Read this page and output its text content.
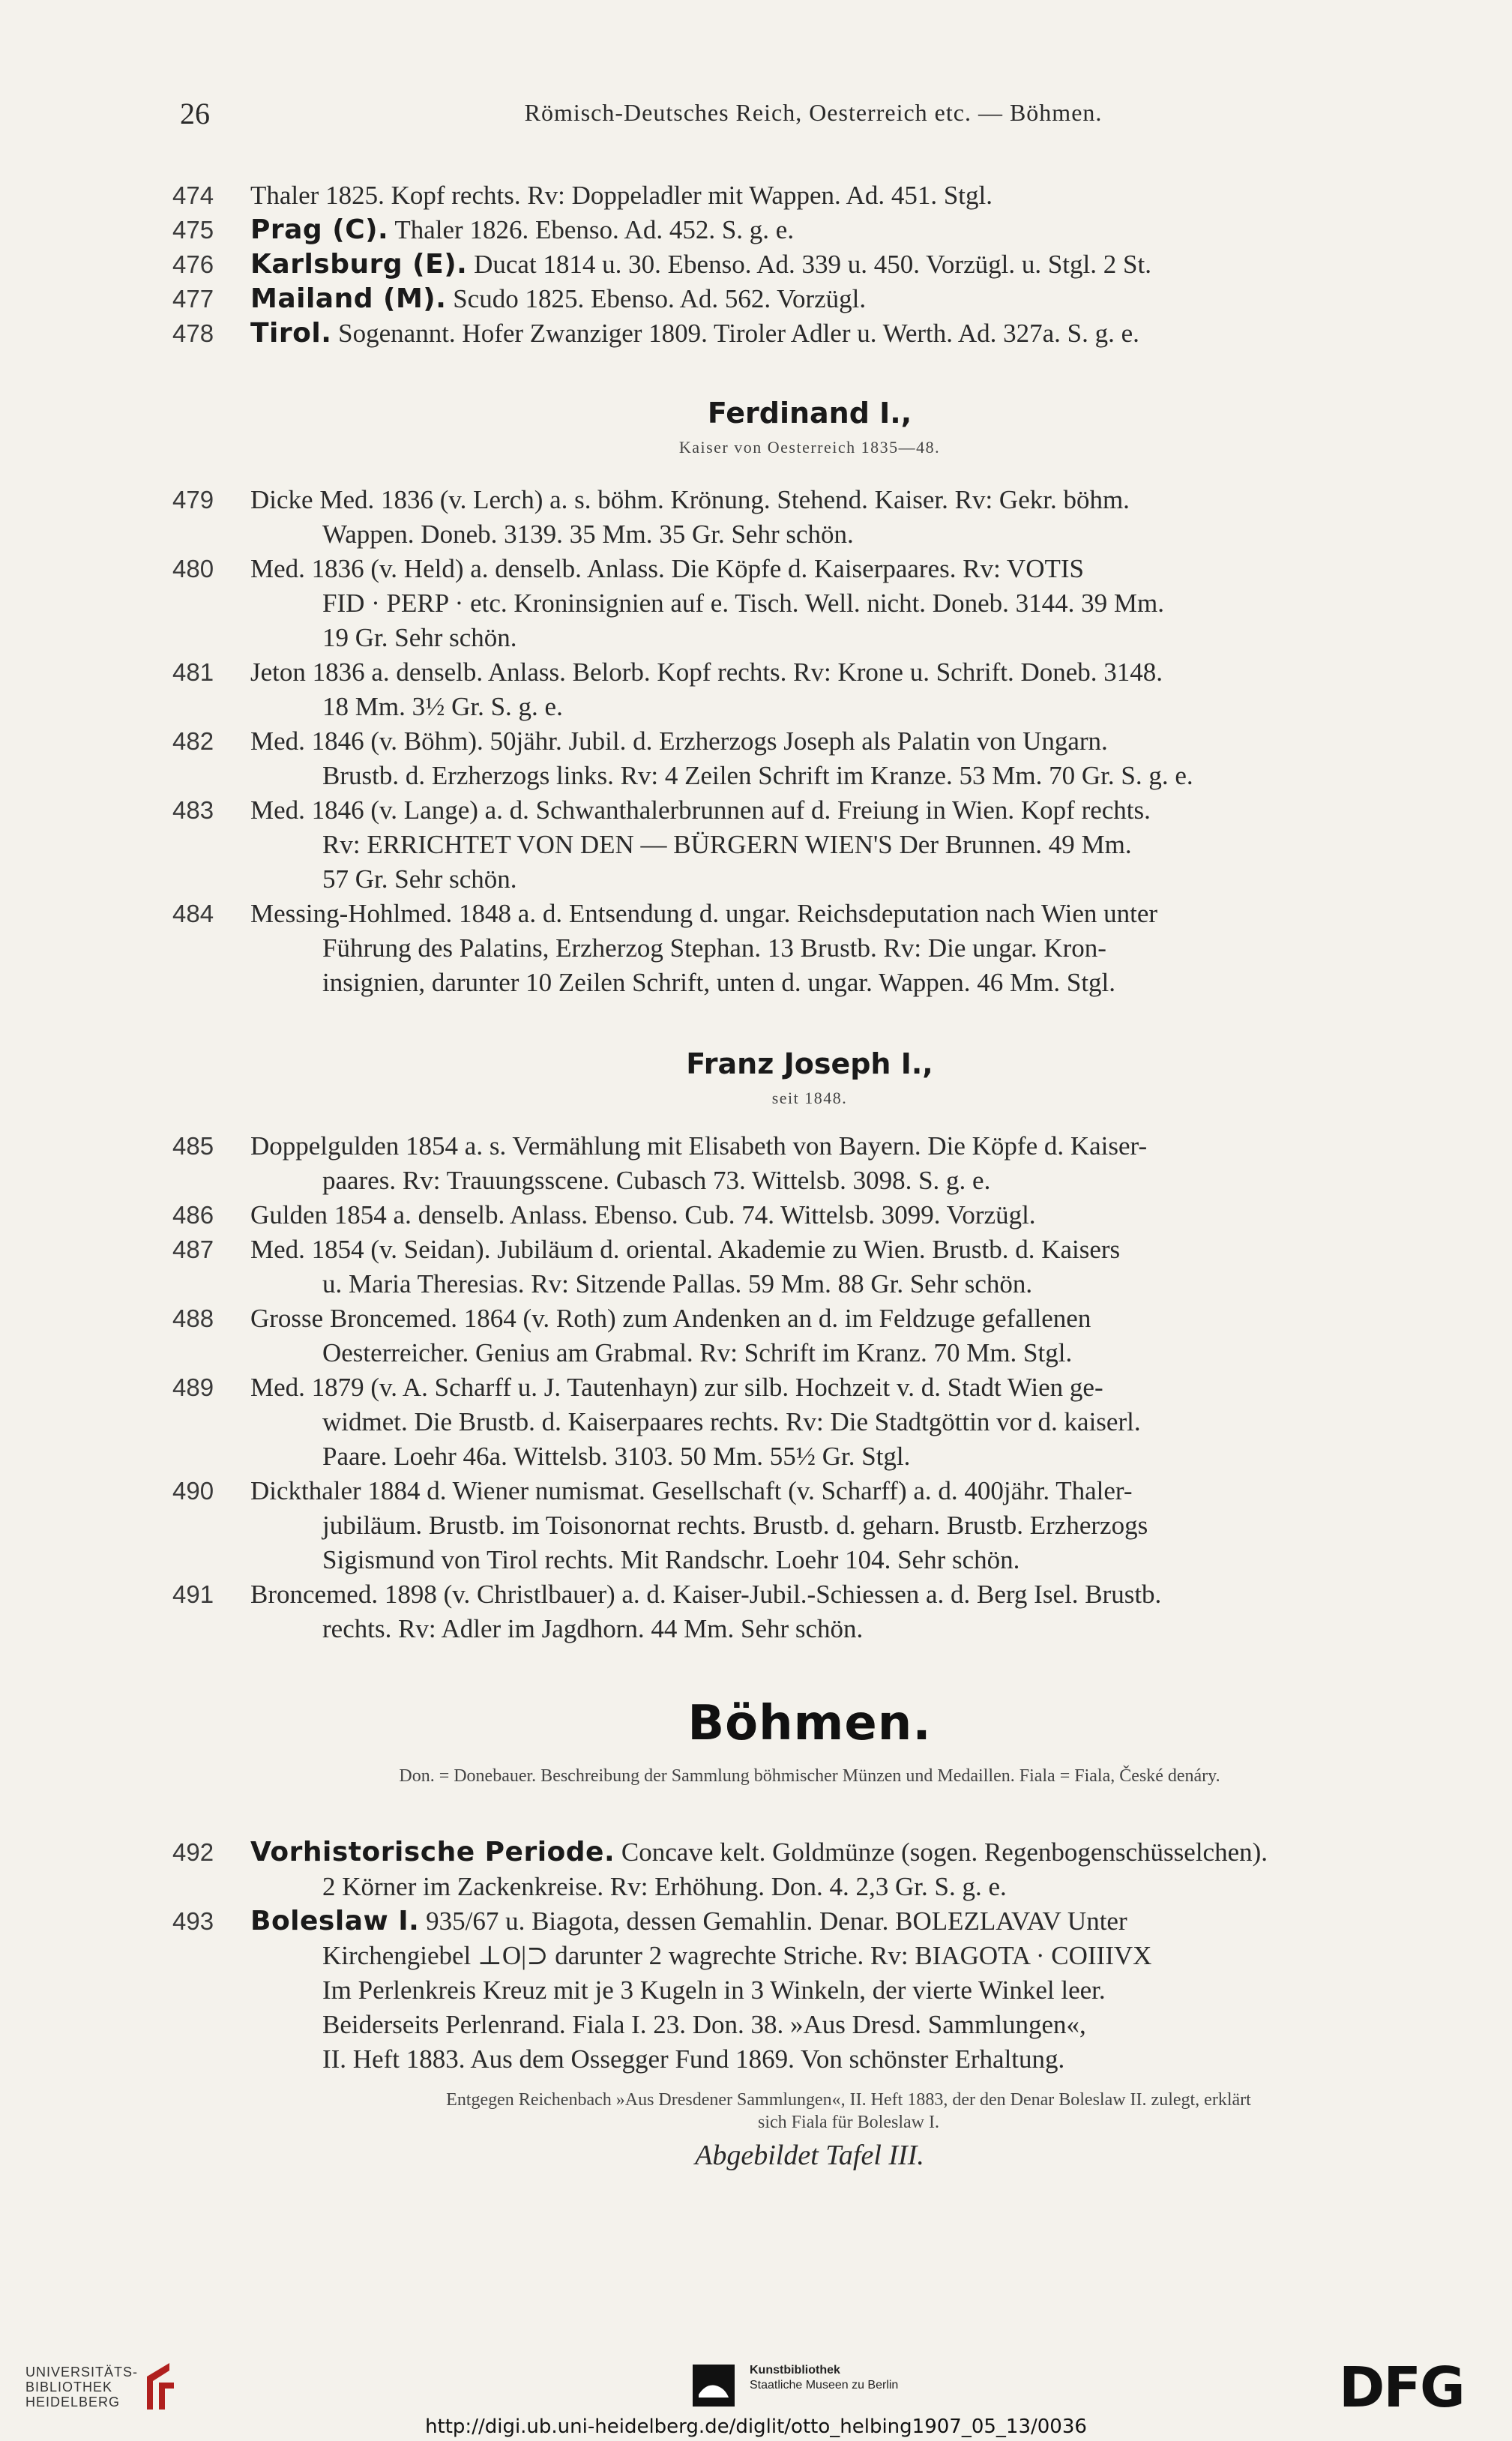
26	Römisch-Deutsches Reich, Oesterreich etc. — Böhmen.
474	Thaler 1825. Kopf rechts. Rv: Doppeladler mit Wappen. Ad. 451. Stgl.
475	Prag (C). Thaler 1826. Ebenso. Ad. 452. S. g. e.
476	Karlsburg (E). Ducat 1814 u. 30. Ebenso. Ad. 339 u. 450. Vorzügl. u. Stgl. 2 St.
477	Mailand (M). Scudo 1825. Ebenso. Ad. 562. Vorzügl.
478	Tirol. Sogenannt. Hofer Zwanziger 1809. Tiroler Adler u. Werth. Ad. 327a. S. g. e.

Ferdinand I.,

Kaiser von Oesterreich 1835—48.

479	Dicke Med. 1836 (v. Lerch) a. s. böhm. Krönung. Stehend. Kaiser. Rv: Gekr. böhm.
Wappen. Doneb. 3139. 35 Mm. 35 Gr. Sehr schön.
480	Med. 1836 (v. Held) a. denselb. Anlass. Die Köpfe d. Kaiserpaares. Rv: VOTIS
FID · PERP · etc. Kroninsignien auf e. Tisch. Well. nicht. Doneb. 3144. 39 Mm.
19 Gr. Sehr schön.
481	Jeton 1836 a. denselb. Anlass. Belorb. Kopf rechts. Rv: Krone u. Schrift. Doneb. 3148.
18 Mm. 3½ Gr. S. g. e.
482	Med. 1846 (v. Böhm). 50jähr. Jubil. d. Erzherzogs Joseph als Palatin von Ungarn.
Brustb. d. Erzherzogs links. Rv: 4 Zeilen Schrift im Kranze. 53 Mm. 70 Gr. S. g. e.
483	Med. 1846 (v. Lange) a. d. Schwanthalerbrunnen auf d. Freiung in Wien. Kopf rechts.
Rv: ERRICHTET VON DEN — BÜRGERN WIEN'S Der Brunnen. 49 Mm.
57 Gr. Sehr schön.
484	Messing-Hohlmed. 1848 a. d. Entsendung d. ungar. Reichsdeputation nach Wien unter
Führung des Palatins, Erzherzog Stephan. 13 Brustb. Rv: Die ungar. Kron-
insignien, darunter 10 Zeilen Schrift, unten d. ungar. Wappen. 46 Mm. Stgl.

Franz Joseph I.,

seit 1848.

485	Doppelgulden 1854 a. s. Vermählung mit Elisabeth von Bayern. Die Köpfe d. Kaiser-
paares. Rv: Trauungsscene. Cubasch 73. Wittelsb. 3098. S. g. e.
486	Gulden 1854 a. denselb. Anlass. Ebenso. Cub. 74. Wittelsb. 3099. Vorzügl.
487	Med. 1854 (v. Seidan). Jubiläum d. oriental. Akademie zu Wien. Brustb. d. Kaisers
u. Maria Theresias. Rv: Sitzende Pallas. 59 Mm. 88 Gr. Sehr schön.
488	Grosse Broncemed. 1864 (v. Roth) zum Andenken an d. im Feldzuge gefallenen
Oesterreicher. Genius am Grabmal. Rv: Schrift im Kranz. 70 Mm. Stgl.
489	Med. 1879 (v. A. Scharff u. J. Tautenhayn) zur silb. Hochzeit v. d. Stadt Wien ge-
widmet. Die Brustb. d. Kaiserpaares rechts. Rv: Die Stadtgöttin vor d. kaiserl.
Paare. Loehr 46a. Wittelsb. 3103. 50 Mm. 55½ Gr. Stgl.
490	Dickthaler 1884 d. Wiener numismat. Gesellschaft (v. Scharff) a. d. 400jähr. Thaler-
jubiläum. Brustb. im Toisonornat rechts. Brustb. d. geharn. Brustb. Erzherzogs
Sigismund von Tirol rechts. Mit Randschr. Loehr 104. Sehr schön.
491	Broncemed. 1898 (v. Christlbauer) a. d. Kaiser-Jubil.-Schiessen a. d. Berg Isel. Brustb.
rechts. Rv: Adler im Jagdhorn. 44 Mm. Sehr schön.

Böhmen.

Don. = Donebauer. Beschreibung der Sammlung böhmischer Münzen und Medaillen. Fiala = Fiala, České denáry.

492	Vorhistorische Periode. Concave kelt. Goldmünze (sogen. Regenbogenschüsselchen).
2 Körner im Zackenkreise. Rv: Erhöhung. Don. 4. 2,3 Gr. S. g. e.
493	Boleslaw I. 935/67 u. Biagota, dessen Gemahlin. Denar. BOLEZLAVAV Unter
Kirchengiebel ⊥O|⊃ darunter 2 wagrechte Striche. Rv: BIAGOTA · COIIIVX
Im Perlenkreis Kreuz mit je 3 Kugeln in 3 Winkeln, der vierte Winkel leer.
Beiderseits Perlenrand. Fiala I. 23. Don. 38. »Aus Dresd. Sammlungen«,
II. Heft 1883. Aus dem Ossegger Fund 1869. Von schönster Erhaltung.

Entgegen Reichenbach »Aus Dresdener Sammlungen«, II. Heft 1883, der den Denar Boleslaw II. zulegt, erklärt
sich Fiala für Boleslaw I.

Abgebildet Tafel III.

UNIVERSITÄTS-
BIBLIOTHEK
HEIDELBERG
Kunstbibliothek
Staatliche Museen zu Berlin	DFG
http://digi.ub.uni-heidelberg.de/diglit/otto_helbing1907_05_13/0036
